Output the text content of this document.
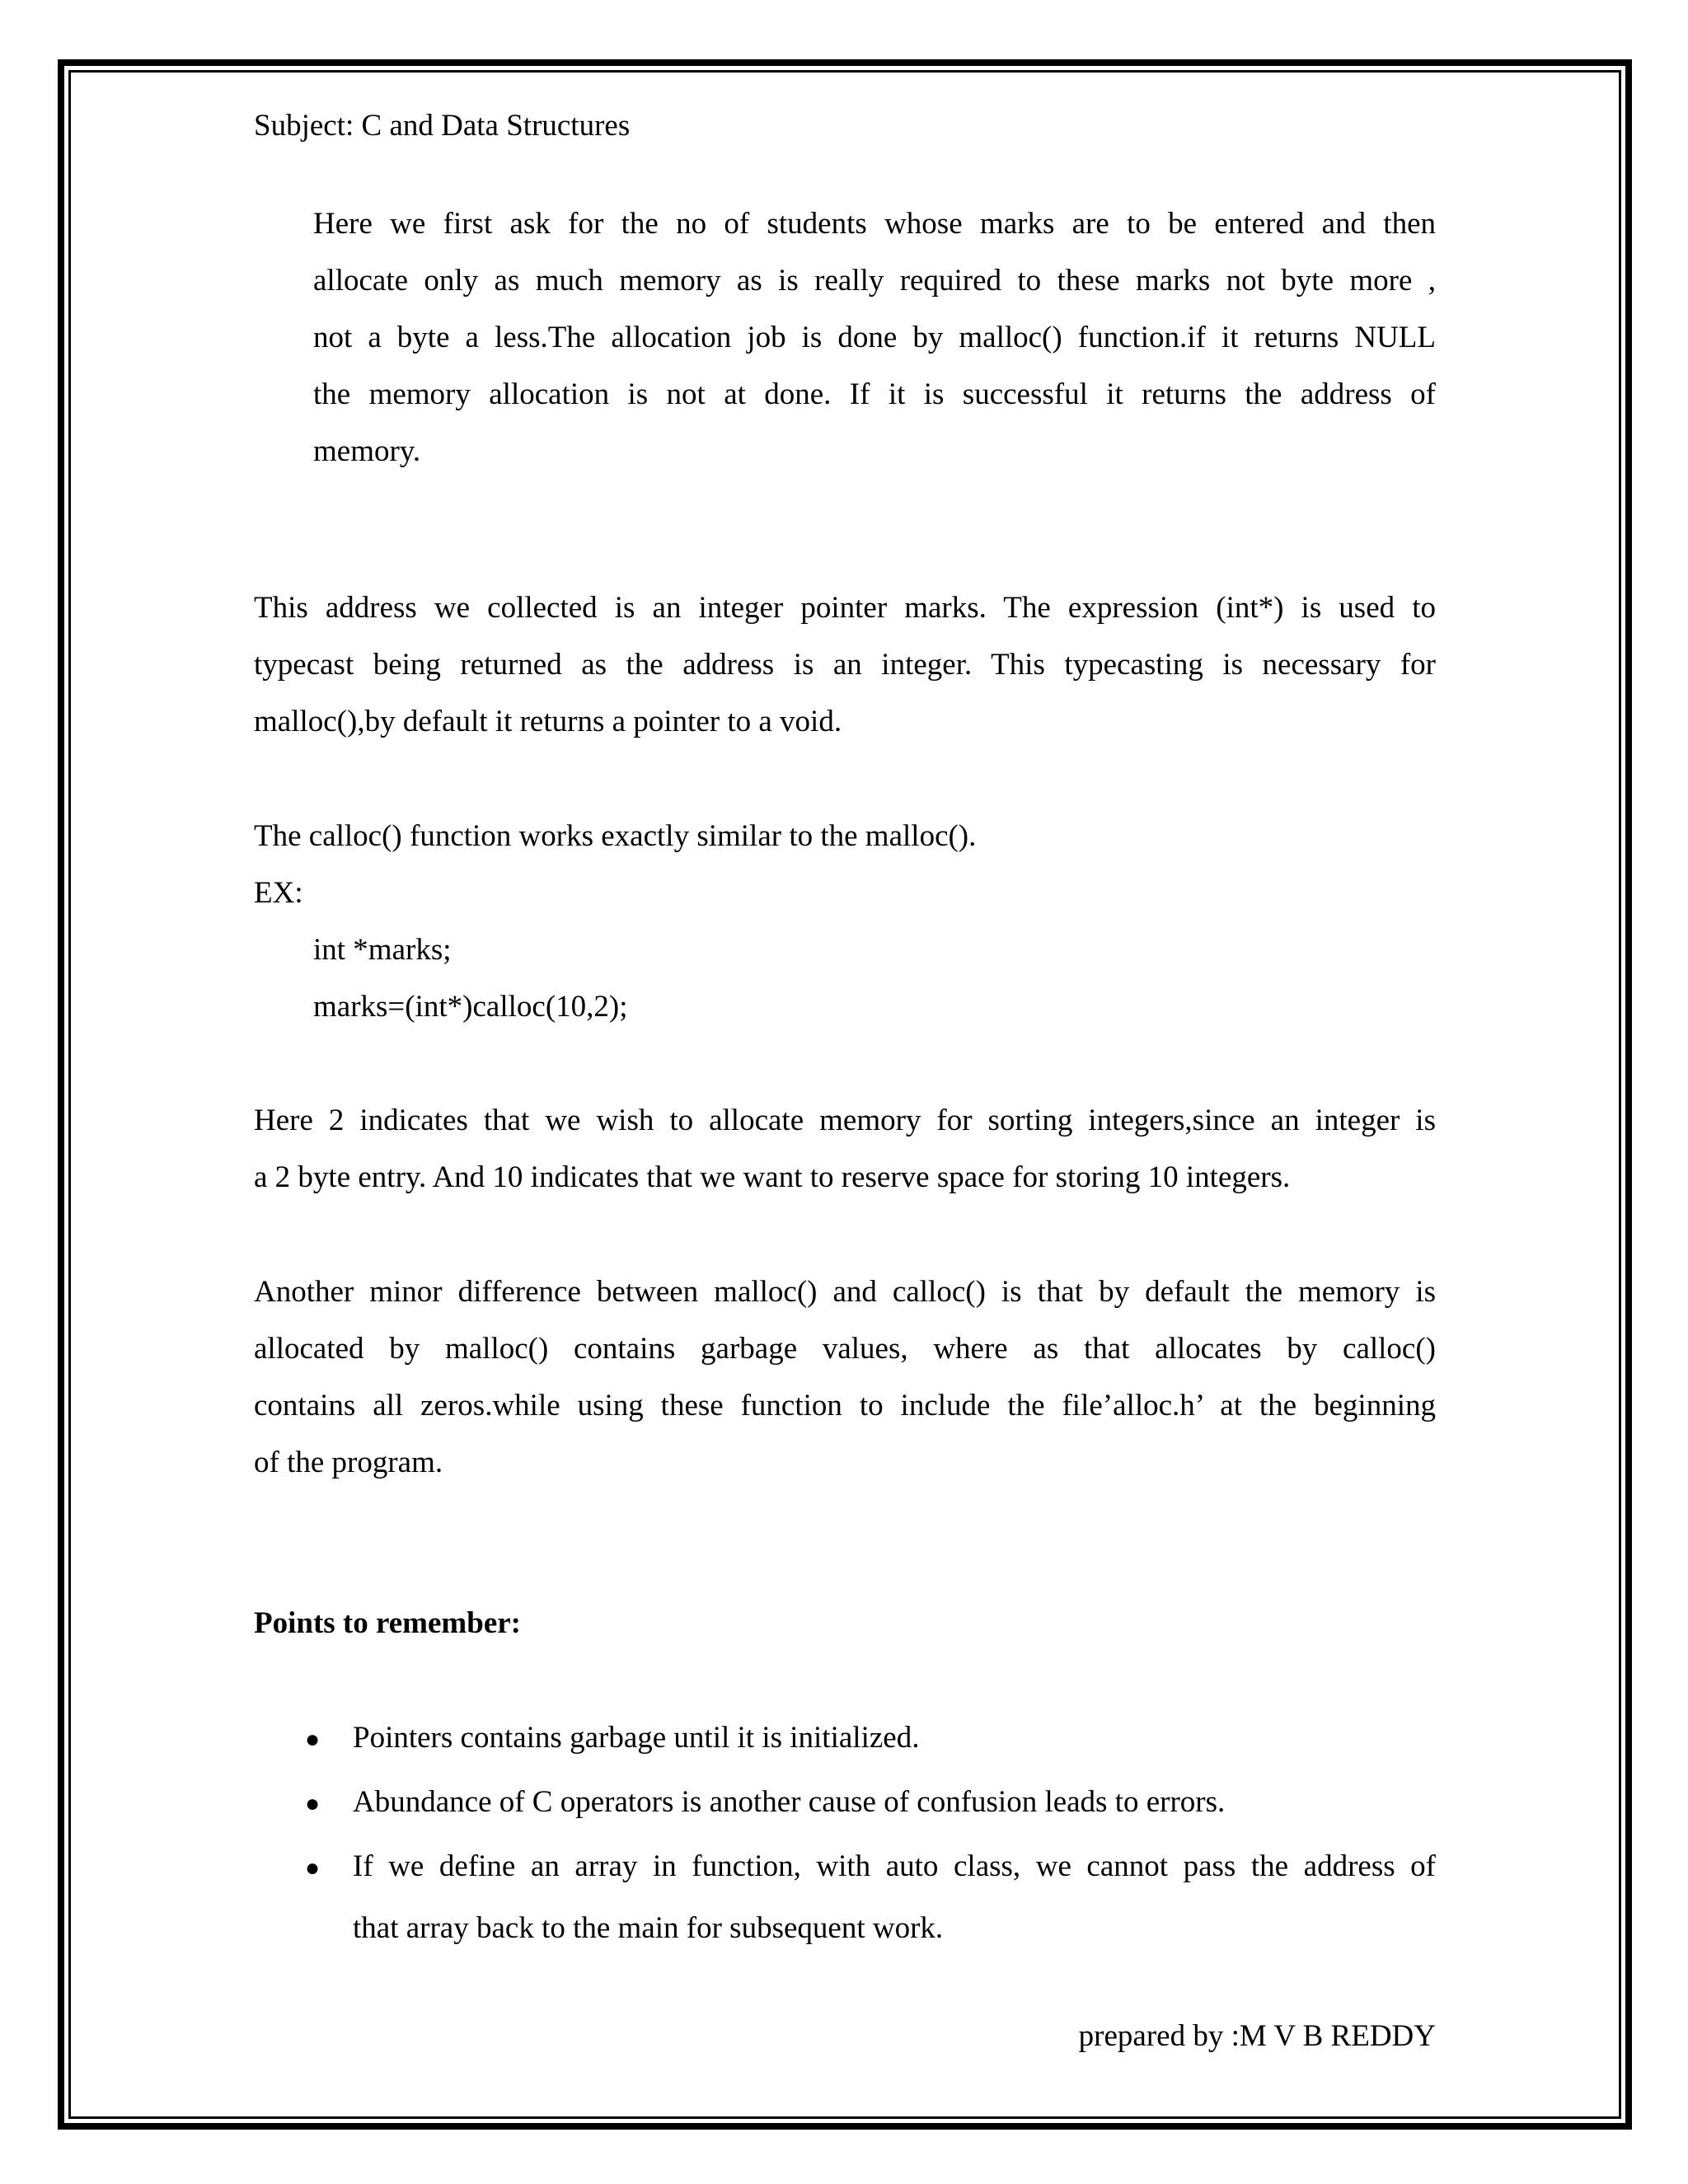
Subject: C and Data Structures
Here we first ask for the no of students whose marks are to be entered and then
allocate only as much memory as is really required to these marks not byte more ,
not a byte a less.The allocation job is done by malloc() function.if it returns NULL
the memory allocation is not at done. If it is successful it returns the address of
memory.
This address we collected is an integer pointer marks. The expression (int*) is used to
typecast being returned as the address is an integer. This typecasting is necessary for
malloc(),by default it returns a pointer to a void.
The calloc() function works exactly similar to the malloc().
EX:
int *marks;
marks=(int*)calloc(10,2);
Here 2 indicates that we wish to allocate memory for sorting integers,since an integer is
a 2 byte entry. And 10 indicates that we want to reserve space for storing 10 integers.
Another minor difference between malloc() and calloc() is that by default the memory is
allocated by malloc() contains garbage values, where as that allocates by calloc()
contains all zeros.while using these function to include the file’alloc.h’ at the beginning
of the program.
Points to remember:
● Pointers contains garbage until it is initialized.
● Abundance of C operators is another cause of confusion leads to errors.
● If we define an array in function, with auto class, we cannot pass the address of
that array back to the main for subsequent work.
prepared by :M V B REDDY
